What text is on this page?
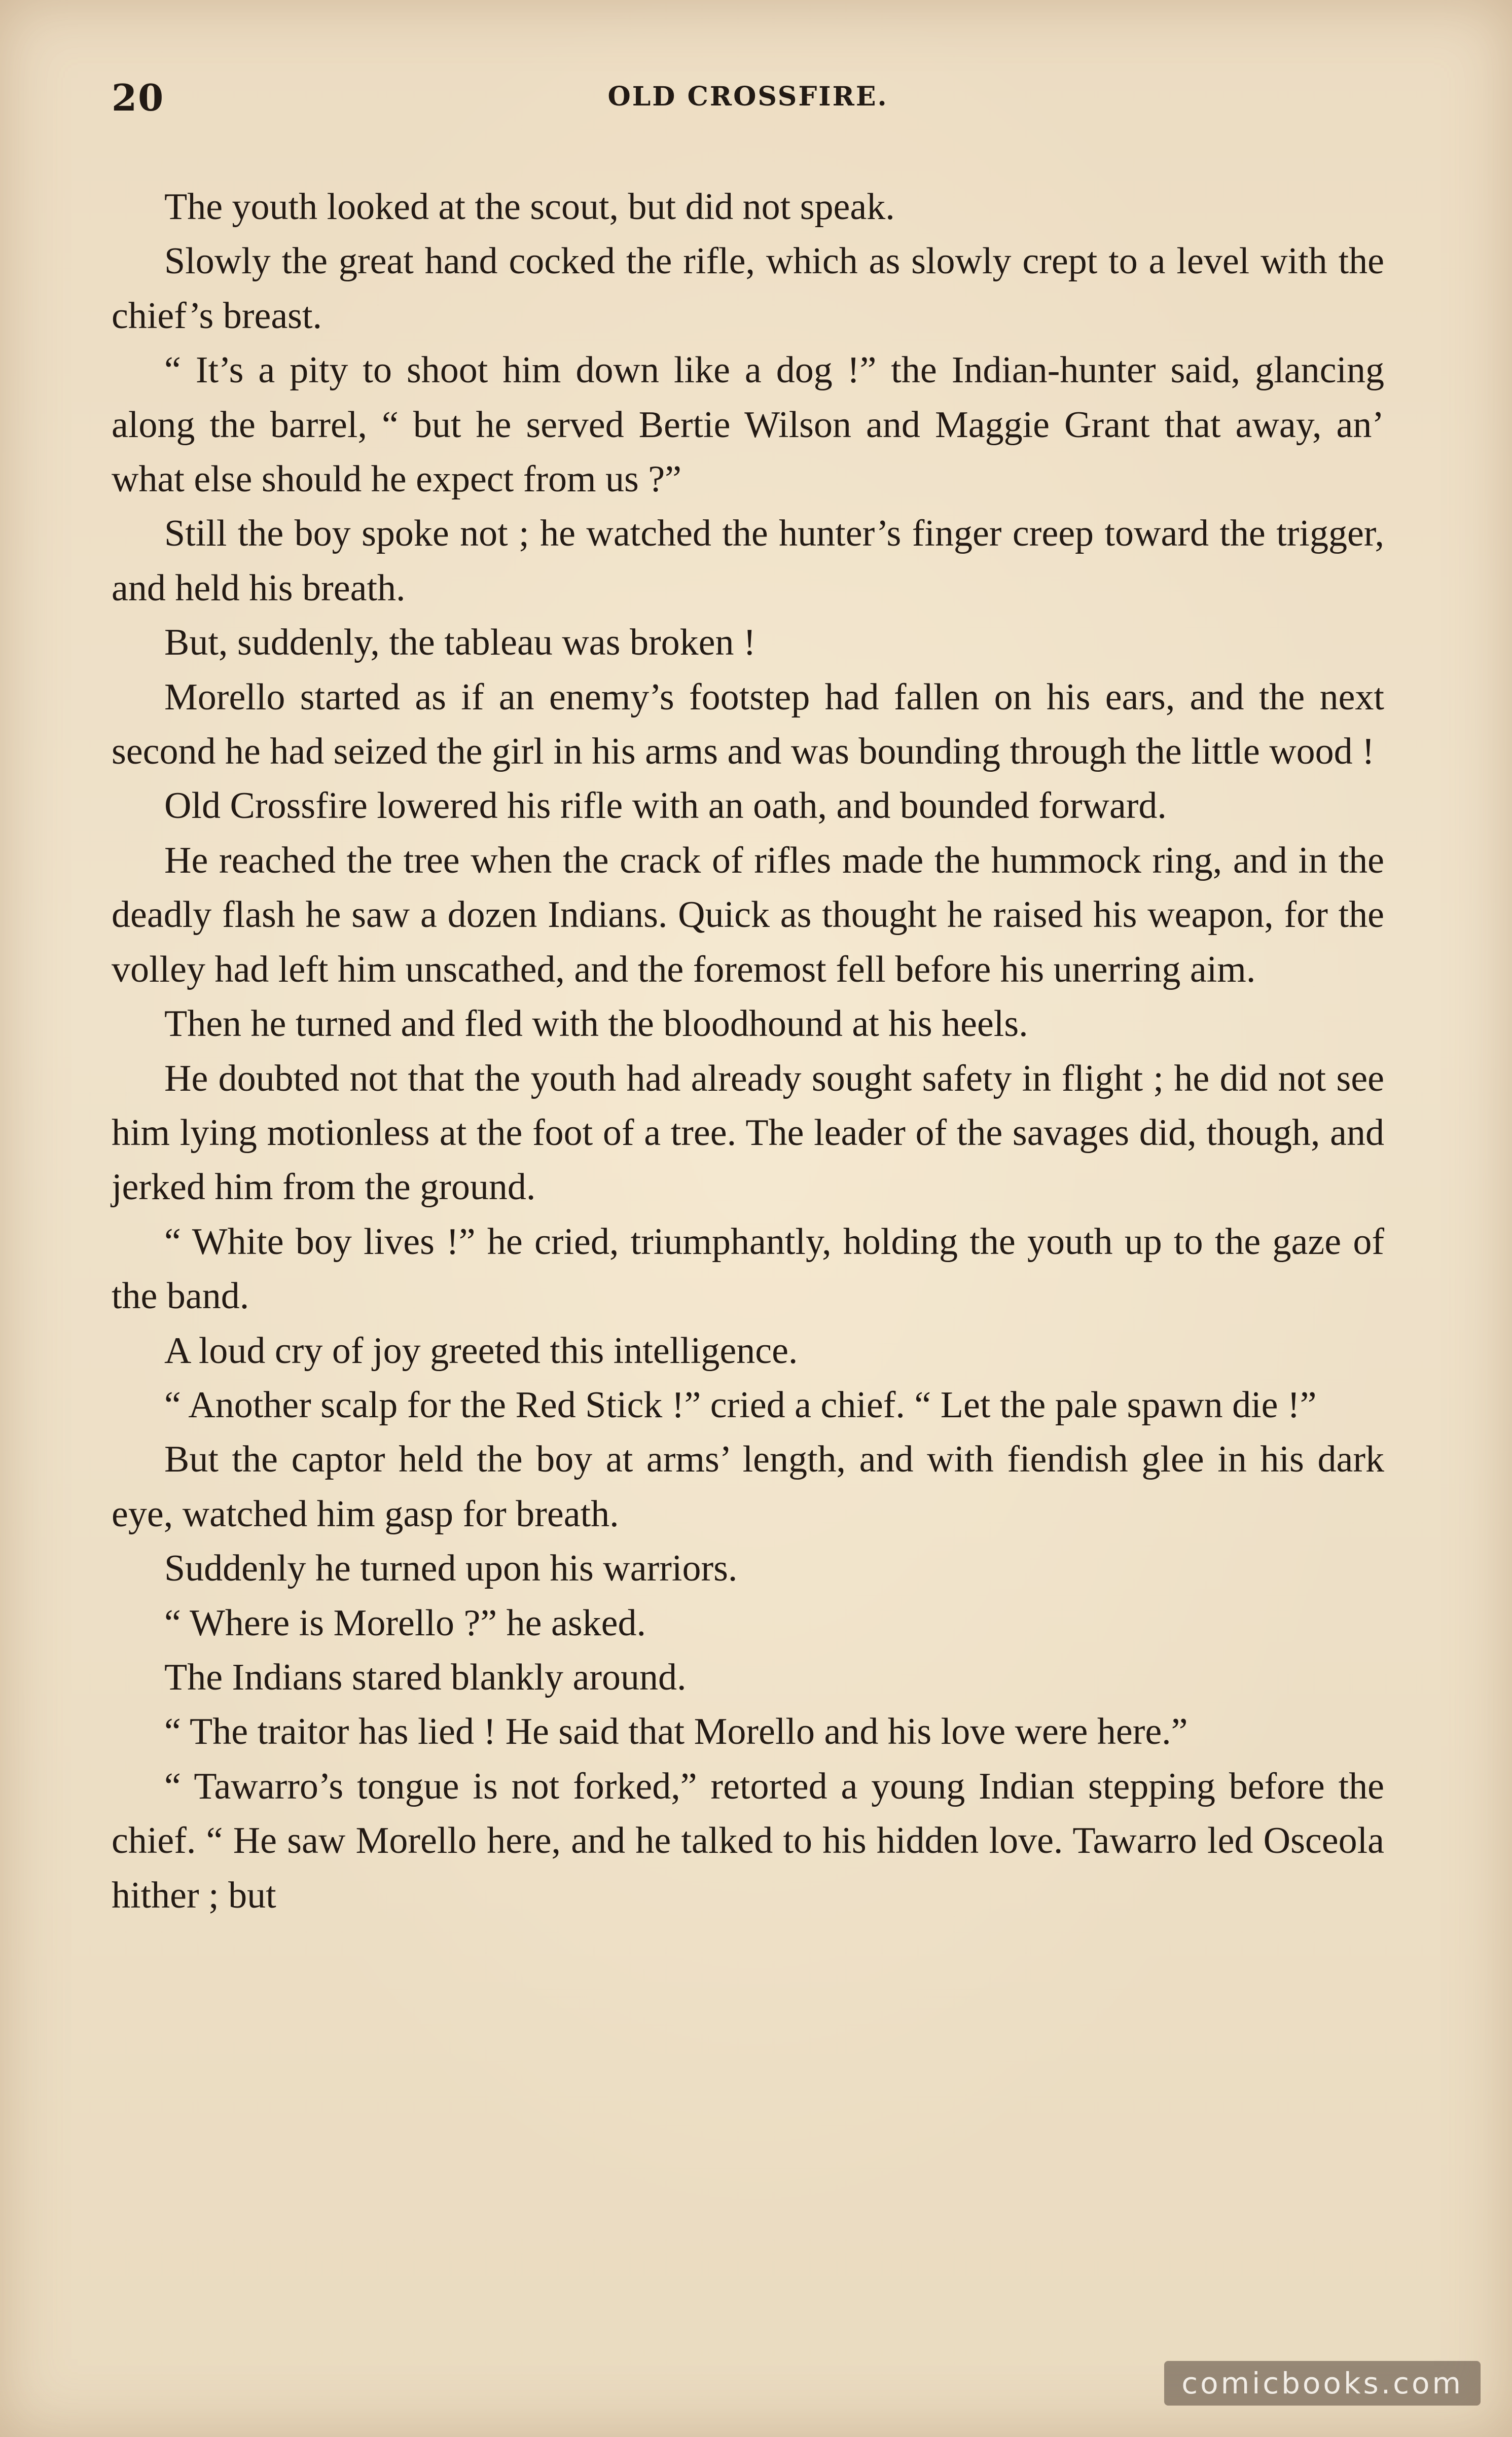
20	OLD CROSSFIRE.

The youth looked at the scout, but did not speak.

Slowly the great hand cocked the rifle, which as slowly crept to a level with the chief’s breast.

“ It’s a pity to shoot him down like a dog !” the Indian-hunter said, glancing along the barrel, “ but he served Bertie Wilson and Maggie Grant that away, an’ what else should he expect from us ?”

Still the boy spoke not ; he watched the hunter’s finger creep toward the trigger, and held his breath.

But, suddenly, the tableau was broken !

Morello started as if an enemy’s footstep had fallen on his ears, and the next second he had seized the girl in his arms and was bounding through the little wood !

Old Crossfire lowered his rifle with an oath, and bounded forward.

He reached the tree when the crack of rifles made the hummock ring, and in the deadly flash he saw a dozen Indians. Quick as thought he raised his weapon, for the volley had left him unscathed, and the foremost fell before his unerring aim.

Then he turned and fled with the bloodhound at his heels.

He doubted not that the youth had already sought safety in flight ; he did not see him lying motionless at the foot of a tree. The leader of the savages did, though, and jerked him from the ground.

“ White boy lives !” he cried, triumphantly, holding the youth up to the gaze of the band.

A loud cry of joy greeted this intelligence.

“ Another scalp for the Red Stick !” cried a chief. “ Let the pale spawn die !”

But the captor held the boy at arms’ length, and with fiendish glee in his dark eye, watched him gasp for breath.

Suddenly he turned upon his warriors.

“ Where is Morello ?” he asked.

The Indians stared blankly around.

“ The traitor has lied ! He said that Morello and his love were here.”

“ Tawarro’s tongue is not forked,” retorted a young Indian stepping before the chief. “ He saw Morello here, and he talked to his hidden love. Tawarro led Osceola hither ; but

comicbooks.com
